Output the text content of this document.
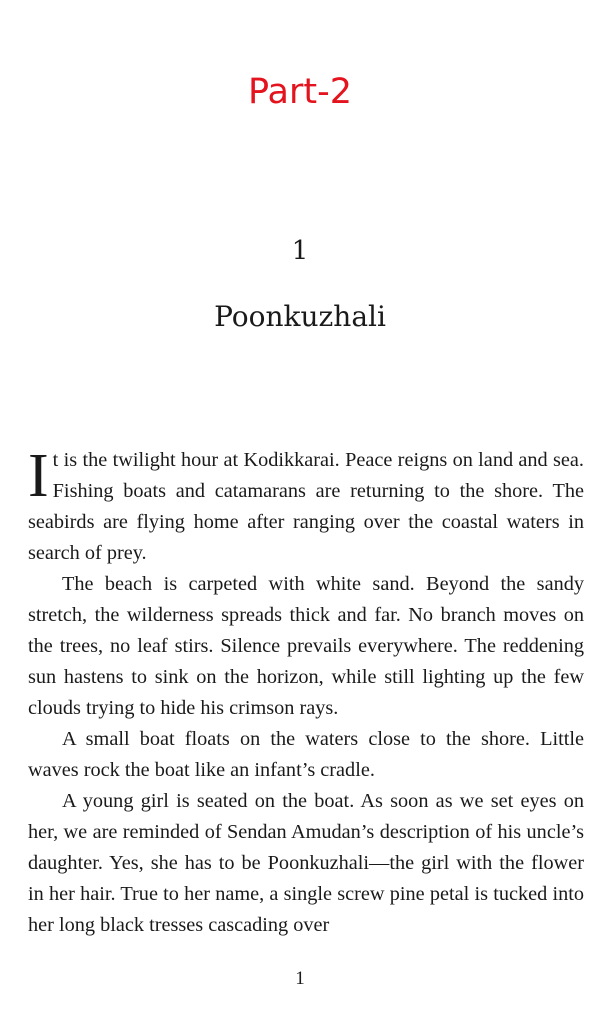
Part-2
1
Poonkuzhali

It is the twilight hour at Kodikkarai. Peace reigns on land and sea. Fishing boats and catamarans are returning to the shore. The seabirds are flying home after ranging over the coastal waters in search of prey.

The beach is carpeted with white sand. Beyond the sandy stretch, the wilderness spreads thick and far. No branch moves on the trees, no leaf stirs. Silence prevails everywhere. The reddening sun hastens to sink on the horizon, while still lighting up the few clouds trying to hide his crimson rays.

A small boat floats on the waters close to the shore. Little waves rock the boat like an infant’s cradle.

A young girl is seated on the boat. As soon as we set eyes on her, we are reminded of Sendan Amudan’s description of his uncle’s daughter. Yes, she has to be Poonkuzhali—the girl with the flower in her hair. True to her name, a single screw pine petal is tucked into her long black tresses cascading over

1
